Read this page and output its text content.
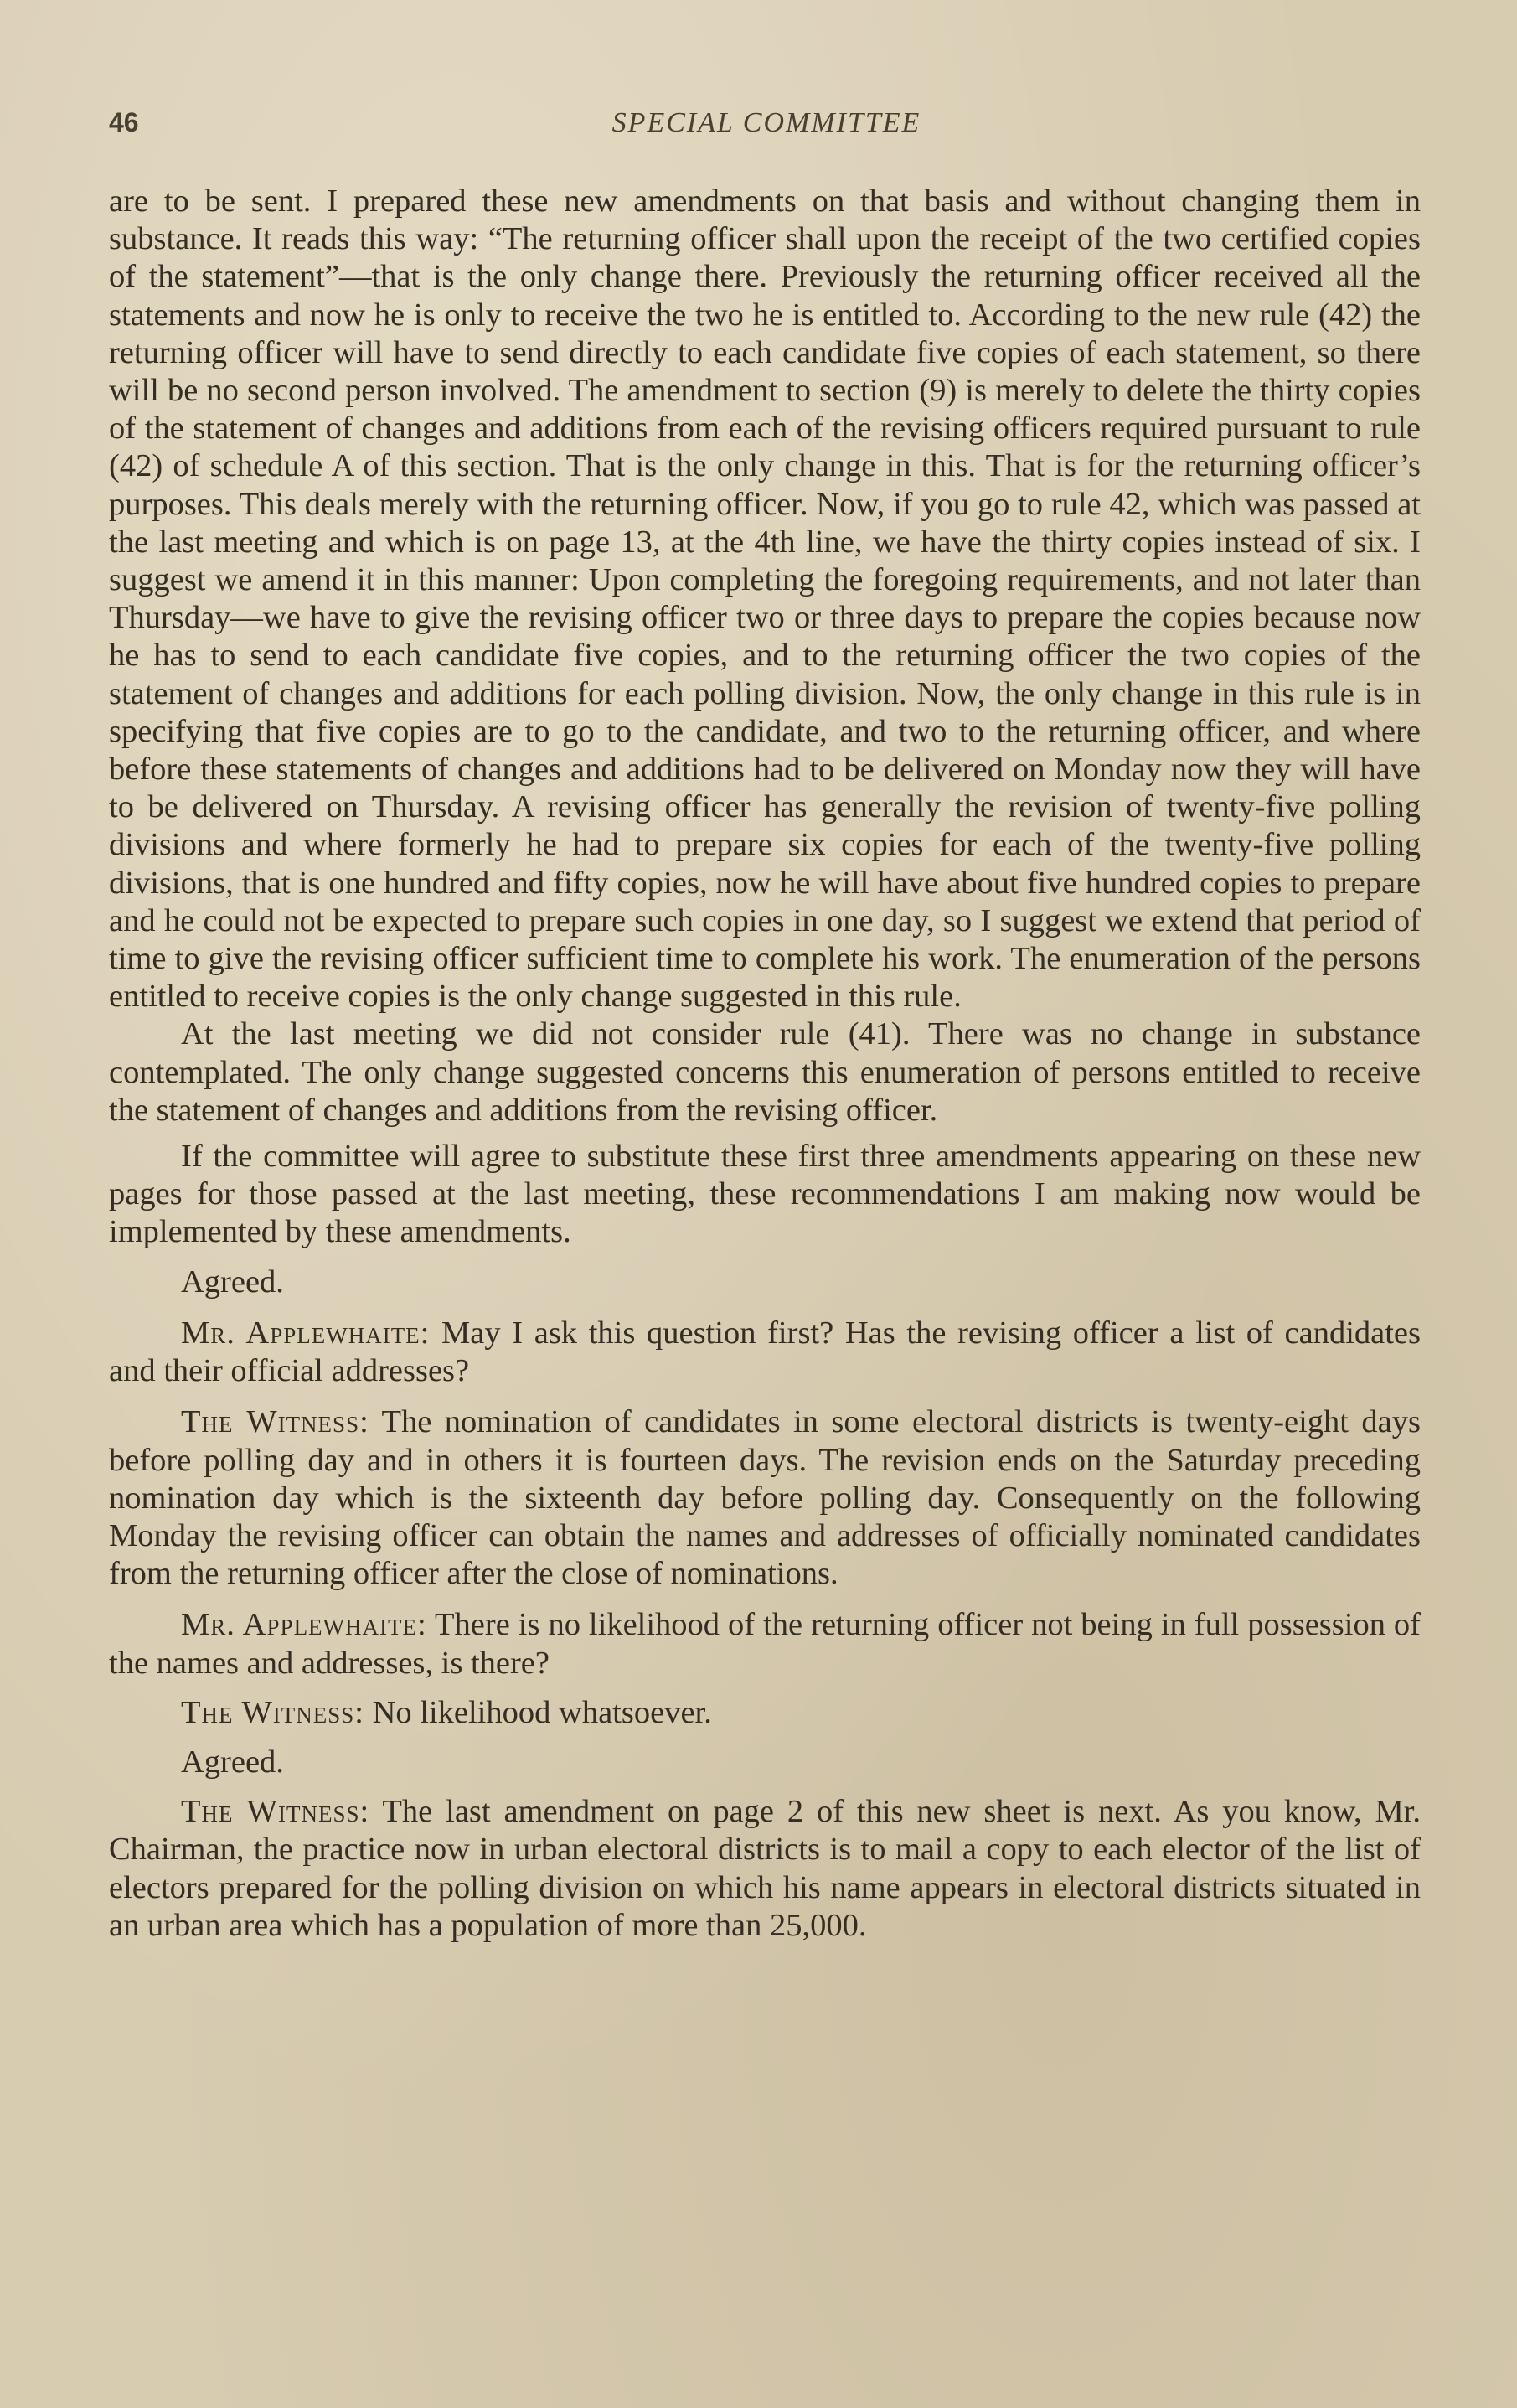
46	SPECIAL COMMITTEE

are to be sent. I prepared these new amendments on that basis and without changing them in substance. It reads this way: “The returning officer shall upon the receipt of the two certified copies of the statement”—that is the only change there. Previously the returning officer received all the statements and now he is only to receive the two he is entitled to. According to the new rule (42) the returning officer will have to send directly to each candidate five copies of each statement, so there will be no second person involved. The amendment to section (9) is merely to delete the thirty copies of the statement of changes and additions from each of the revising officers required pursuant to rule (42) of schedule A of this section. That is the only change in this. That is for the returning officer’s purposes. This deals merely with the returning officer. Now, if you go to rule 42, which was passed at the last meeting and which is on page 13, at the 4th line, we have the thirty copies instead of six. I suggest we amend it in this manner: Upon completing the foregoing requirements, and not later than Thursday—we have to give the revising officer two or three days to prepare the copies because now he has to send to each candidate five copies, and to the returning officer the two copies of the statement of changes and additions for each polling division. Now, the only change in this rule is in specifying that five copies are to go to the candidate, and two to the returning officer, and where before these statements of changes and additions had to be delivered on Monday now they will have to be delivered on Thursday. A revising officer has generally the revision of twenty-five polling divisions and where formerly he had to prepare six copies for each of the twenty-five polling divisions, that is one hundred and fifty copies, now he will have about five hundred copies to prepare and he could not be expected to prepare such copies in one day, so I suggest we extend that period of time to give the revising officer sufficient time to complete his work. The enumeration of the persons entitled to receive copies is the only change suggested in this rule.

At the last meeting we did not consider rule (41). There was no change in substance contemplated. The only change suggested concerns this enumeration of persons entitled to receive the statement of changes and additions from the revising officer.

If the committee will agree to substitute these first three amendments appearing on these new pages for those passed at the last meeting, these recommendations I am making now would be implemented by these amendments.

Agreed.

Mr. Applewhaite: May I ask this question first? Has the revising officer a list of candidates and their official addresses?

The Witness: The nomination of candidates in some electoral districts is twenty-eight days before polling day and in others it is fourteen days. The revision ends on the Saturday preceding nomination day which is the sixteenth day before polling day. Consequently on the following Monday the revising officer can obtain the names and addresses of officially nominated candidates from the returning officer after the close of nominations.

Mr. Applewhaite: There is no likelihood of the returning officer not being in full possession of the names and addresses, is there?

The Witness: No likelihood whatsoever.

Agreed.

The Witness: The last amendment on page 2 of this new sheet is next. As you know, Mr. Chairman, the practice now in urban electoral districts is to mail a copy to each elector of the list of electors prepared for the polling division on which his name appears in electoral districts situated in an urban area which has a population of more than 25,000.
